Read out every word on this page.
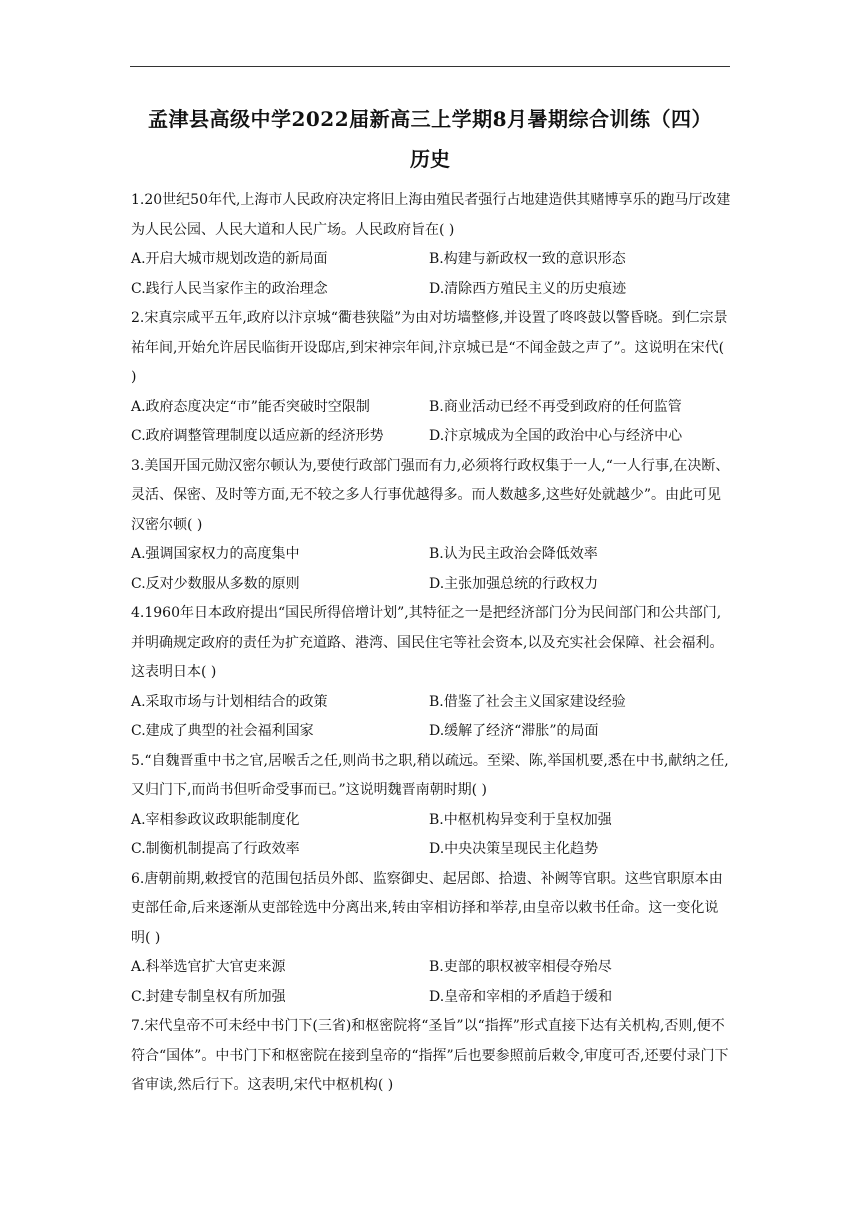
孟津县高级中学2022届新高三上学期8月暑期综合训练（四）
历史

1.20世纪50年代,上海市人民政府决定将旧上海由殖民者强行占地建造供其赌博享乐的跑马厅改建为人民公园、人民大道和人民广场。人民政府旨在( )

A.开启大城市规划改造的新局面	B.构建与新政权一致的意识形态
C.践行人民当家作主的政治理念	D.清除西方殖民主义的历史痕迹

2.宋真宗咸平五年,政府以汴京城“衢巷狭隘”为由对坊墙整修,并设置了咚咚鼓以警昏晓。到仁宗景祐年间,开始允许居民临街开设邸店,到宋神宗年间,汴京城已是“不闻金鼓之声了”。这说明在宋代( )

A.政府态度决定“市”能否突破时空限制	B.商业活动已经不再受到政府的任何监管
C.政府调整管理制度以适应新的经济形势	D.汴京城成为全国的政治中心与经济中心

3.美国开国元勋汉密尔顿认为,要使行政部门强而有力,必须将行政权集于一人,“一人行事,在决断、灵活、保密、及时等方面,无不较之多人行事优越得多。而人数越多,这些好处就越少”。由此可见汉密尔顿( )

A.强调国家权力的高度集中	B.认为民主政治会降低效率
C.反对少数服从多数的原则	D.主张加强总统的行政权力

4.1960年日本政府提出“国民所得倍增计划”,其特征之一是把经济部门分为民间部门和公共部门,并明确规定政府的责任为扩充道路、港湾、国民住宅等社会资本,以及充实社会保障、社会福利。这表明日本( )

A.采取市场与计划相结合的政策	B.借鉴了社会主义国家建设经验
C.建成了典型的社会福利国家	D.缓解了经济“滞胀”的局面

5.“自魏晋重中书之官,居喉舌之任,则尚书之职,稍以疏远。至梁、陈,举国机要,悉在中书,献纳之任,又归门下,而尚书但听命受事而已。”这说明魏晋南朝时期( )

A.宰相参政议政职能制度化	B.中枢机构异变利于皇权加强
C.制衡机制提高了行政效率	D.中央决策呈现民主化趋势

6.唐朝前期,敕授官的范围包括员外郎、监察御史、起居郎、拾遗、补阙等官职。这些官职原本由吏部任命,后来逐渐从吏部铨选中分离出来,转由宰相访择和举荐,由皇帝以敕书任命。这一变化说明( )

A.科举选官扩大官吏来源	B.吏部的职权被宰相侵夺殆尽
C.封建专制皇权有所加强	D.皇帝和宰相的矛盾趋于缓和

7.宋代皇帝不可未经中书门下(三省)和枢密院将“圣旨”以“指挥”形式直接下达有关机构,否则,便不符合“国体”。中书门下和枢密院在接到皇帝的“指挥”后也要参照前后敕令,审度可否,还要付录门下省审读,然后行下。这表明,宋代中枢机构( )
